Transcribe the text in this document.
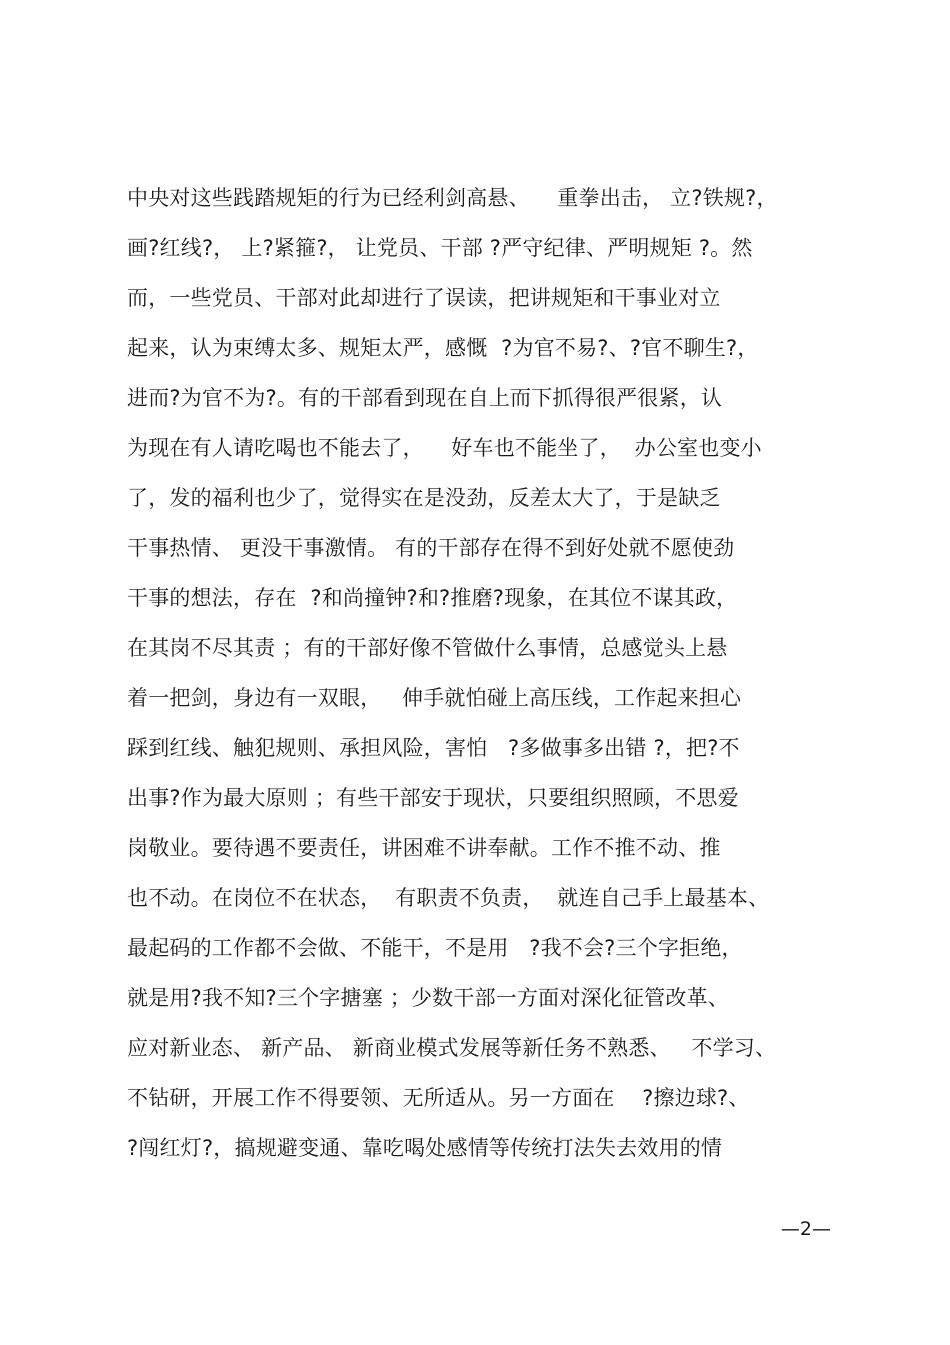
中央对这些践踏规矩的行为已经利剑高悬、    重拳出击， 立?铁规?，
画?红线?， 上?紧箍?， 让党员、干部 ?严守纪律、严明规矩 ?。然
而，一些党员、干部对此却进行了误读，把讲规矩和干事业对立
起来，认为束缚太多、规矩太严，感慨  ?为官不易?、?官不聊生?，
进而?为官不为?。有的干部看到现在自上而下抓得很严很紧，认
为现在有人请吃喝也不能去了，    好车也不能坐了，  办公室也变小
了，发的福利也少了，觉得实在是没劲，反差太大了，于是缺乏
干事热情、 更没干事激情。 有的干部存在得不到好处就不愿使劲
干事的想法，存在  ?和尚撞钟?和?推磨?现象，在其位不谋其政，
在其岗不尽其责 ；有的干部好像不管做什么事情，总感觉头上悬
着一把剑，身边有一双眼，   伸手就怕碰上高压线，工作起来担心
踩到红线、触犯规则、承担风险，害怕   ?多做事多出错 ?，把?不
出事?作为最大原则 ；有些干部安于现状，只要组织照顾，不思爱
岗敬业。要待遇不要责任，讲困难不讲奉献。工作不推不动、推
也不动。在岗位不在状态，  有职责不负责，  就连自己手上最基本、
最起码的工作都不会做、不能干，不是用   ?我不会?三个字拒绝，
就是用?我不知?三个字搪塞 ；少数干部一方面对深化征管改革、
应对新业态、 新产品、 新商业模式发展等新任务不熟悉、   不学习、
不钻研，开展工作不得要领、无所适从。另一方面在    ?擦边球?、
?闯红灯?，搞规避变通、靠吃喝处感情等传统打法失去效用的情
—2—
